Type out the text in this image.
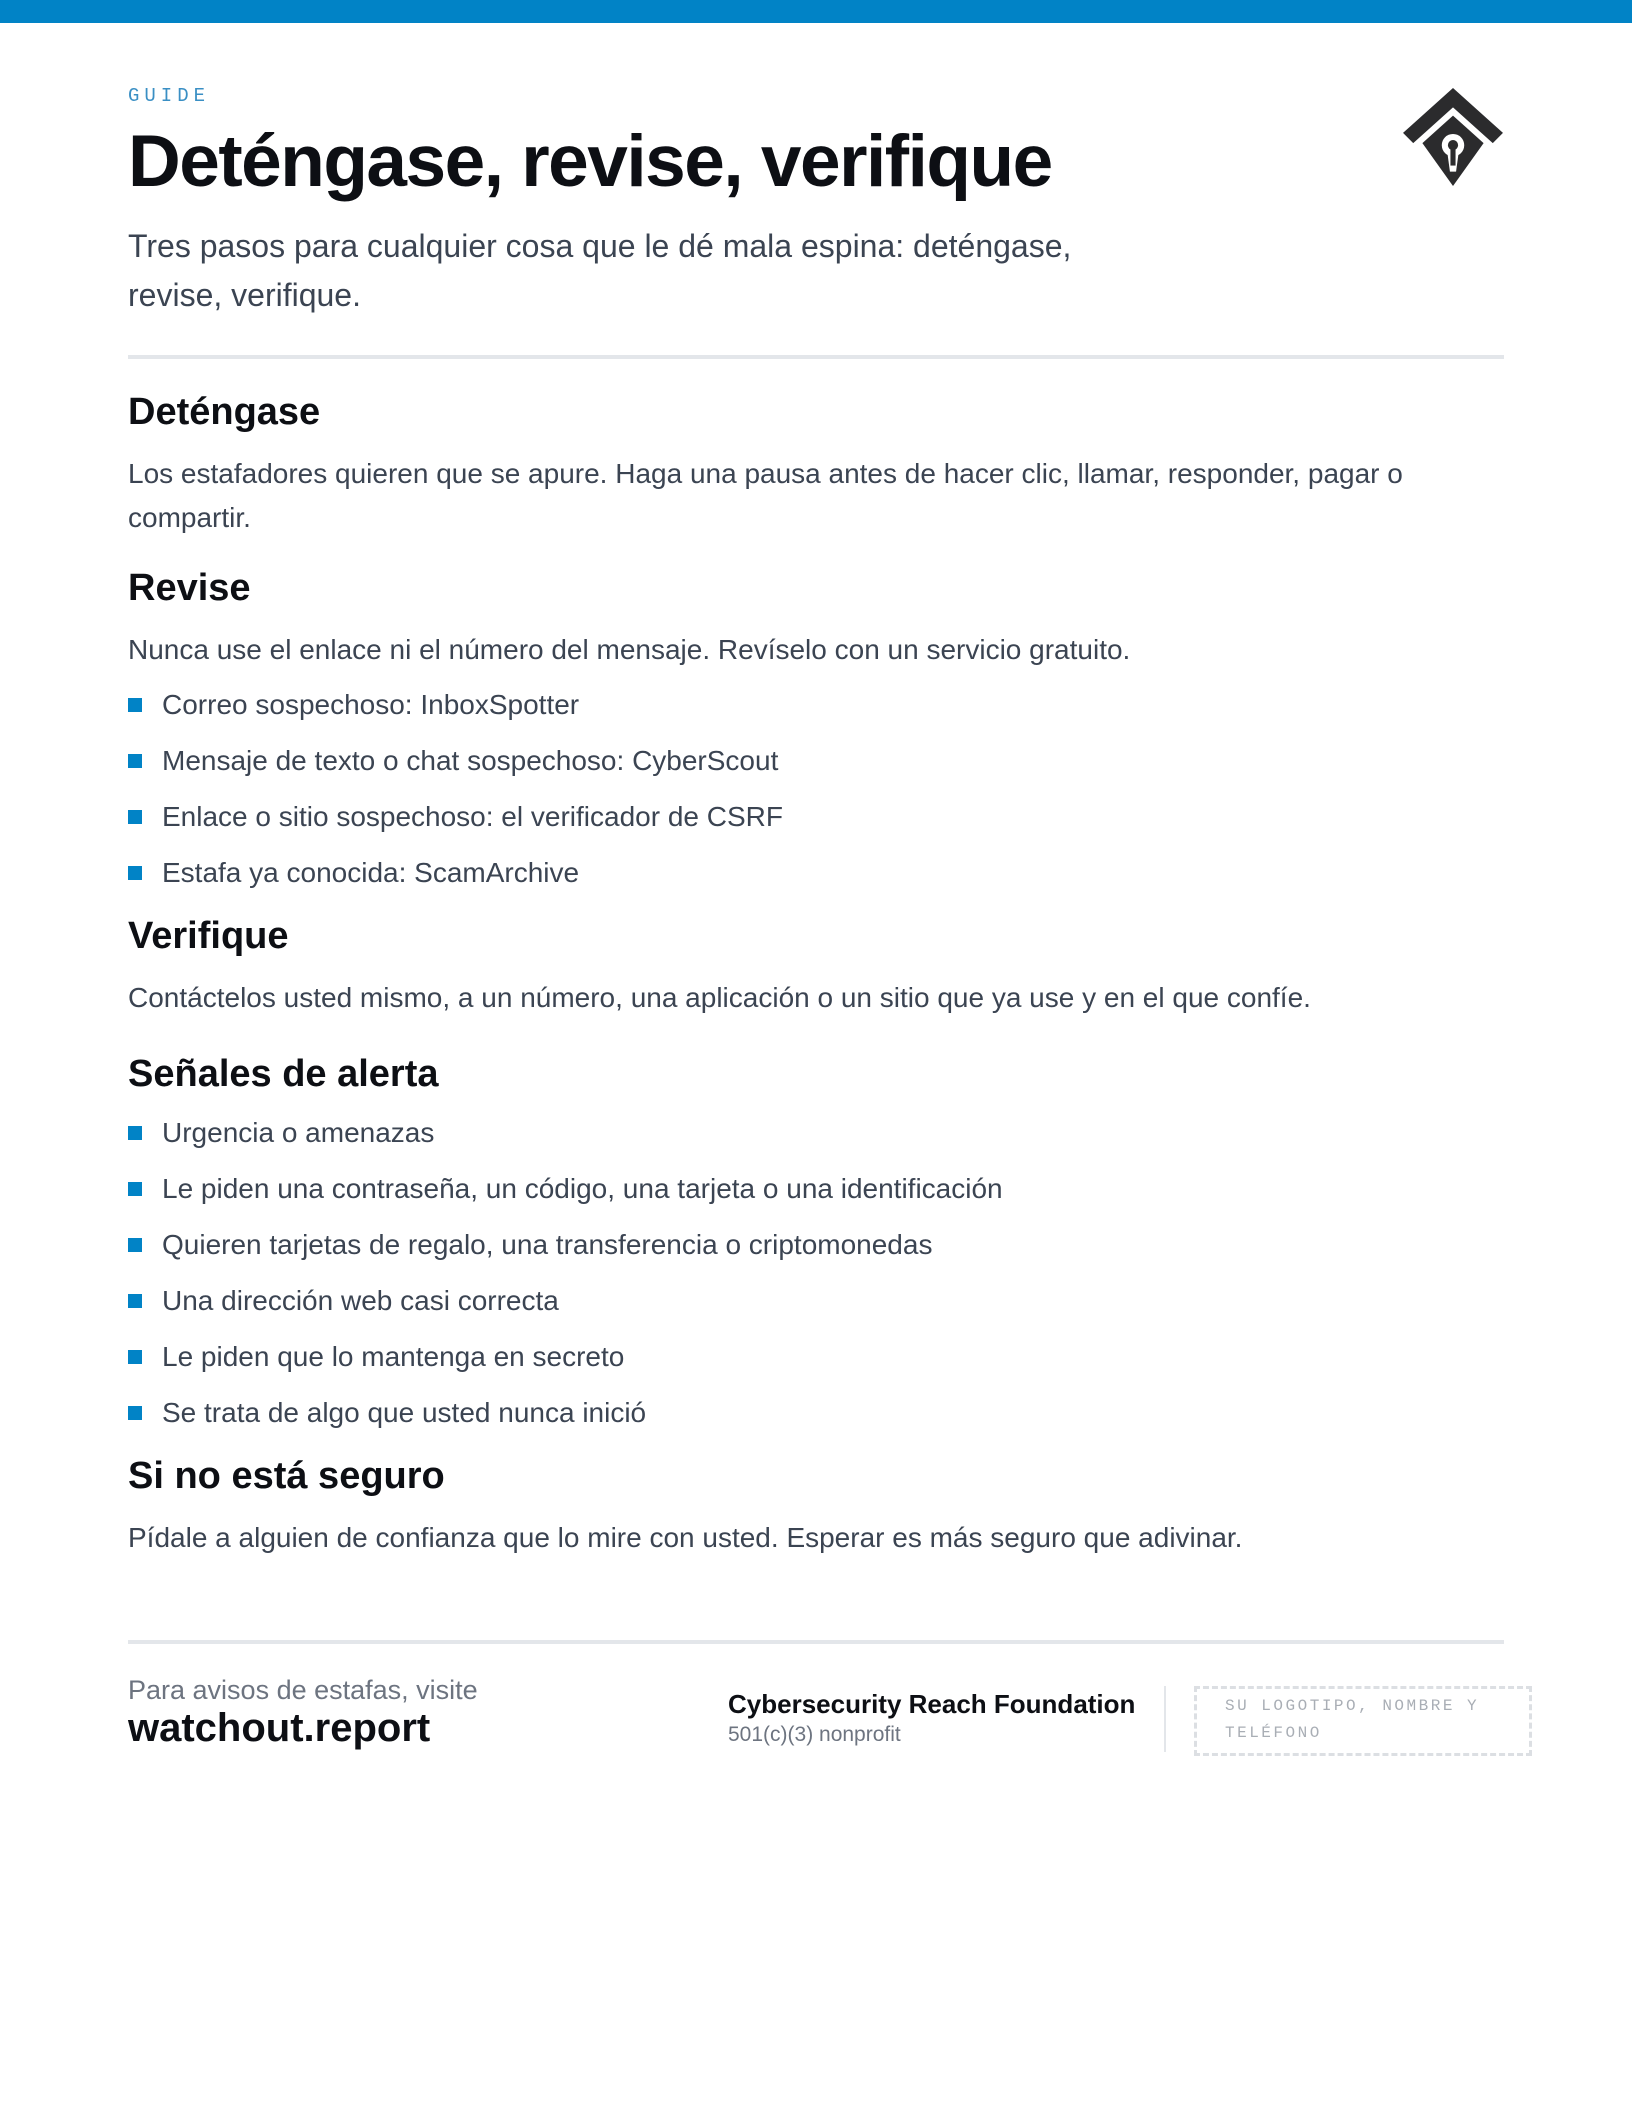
GUIDE
Deténgase, revise, verifique

Tres pasos para cualquier cosa que le dé mala espina: deténgase, revise, verifique.

Deténgase

Los estafadores quieren que se apure. Haga una pausa antes de hacer clic, llamar, responder, pagar o compartir.

Revise

Nunca use el enlace ni el número del mensaje. Revíselo con un servicio gratuito.

Correo sospechoso: InboxSpotter
Mensaje de texto o chat sospechoso: CyberScout
Enlace o sitio sospechoso: el verificador de CSRF
Estafa ya conocida: ScamArchive
Verifique

Contáctelos usted mismo, a un número, una aplicación o un sitio que ya use y en el que confíe.

Señales de alerta
Urgencia o amenazas
Le piden una contraseña, un código, una tarjeta o una identificación
Quieren tarjetas de regalo, una transferencia o criptomonedas
Una dirección web casi correcta
Le piden que lo mantenga en secreto
Se trata de algo que usted nunca inició
Si no está seguro

Pídale a alguien de confianza que lo mire con usted. Esperar es más seguro que adivinar.

Para avisos de estafas, visite
watchout.report
Cybersecurity Reach Foundation
501(c)(3) nonprofit
SU LOGOTIPO, NOMBRE Y TELÉFONO
